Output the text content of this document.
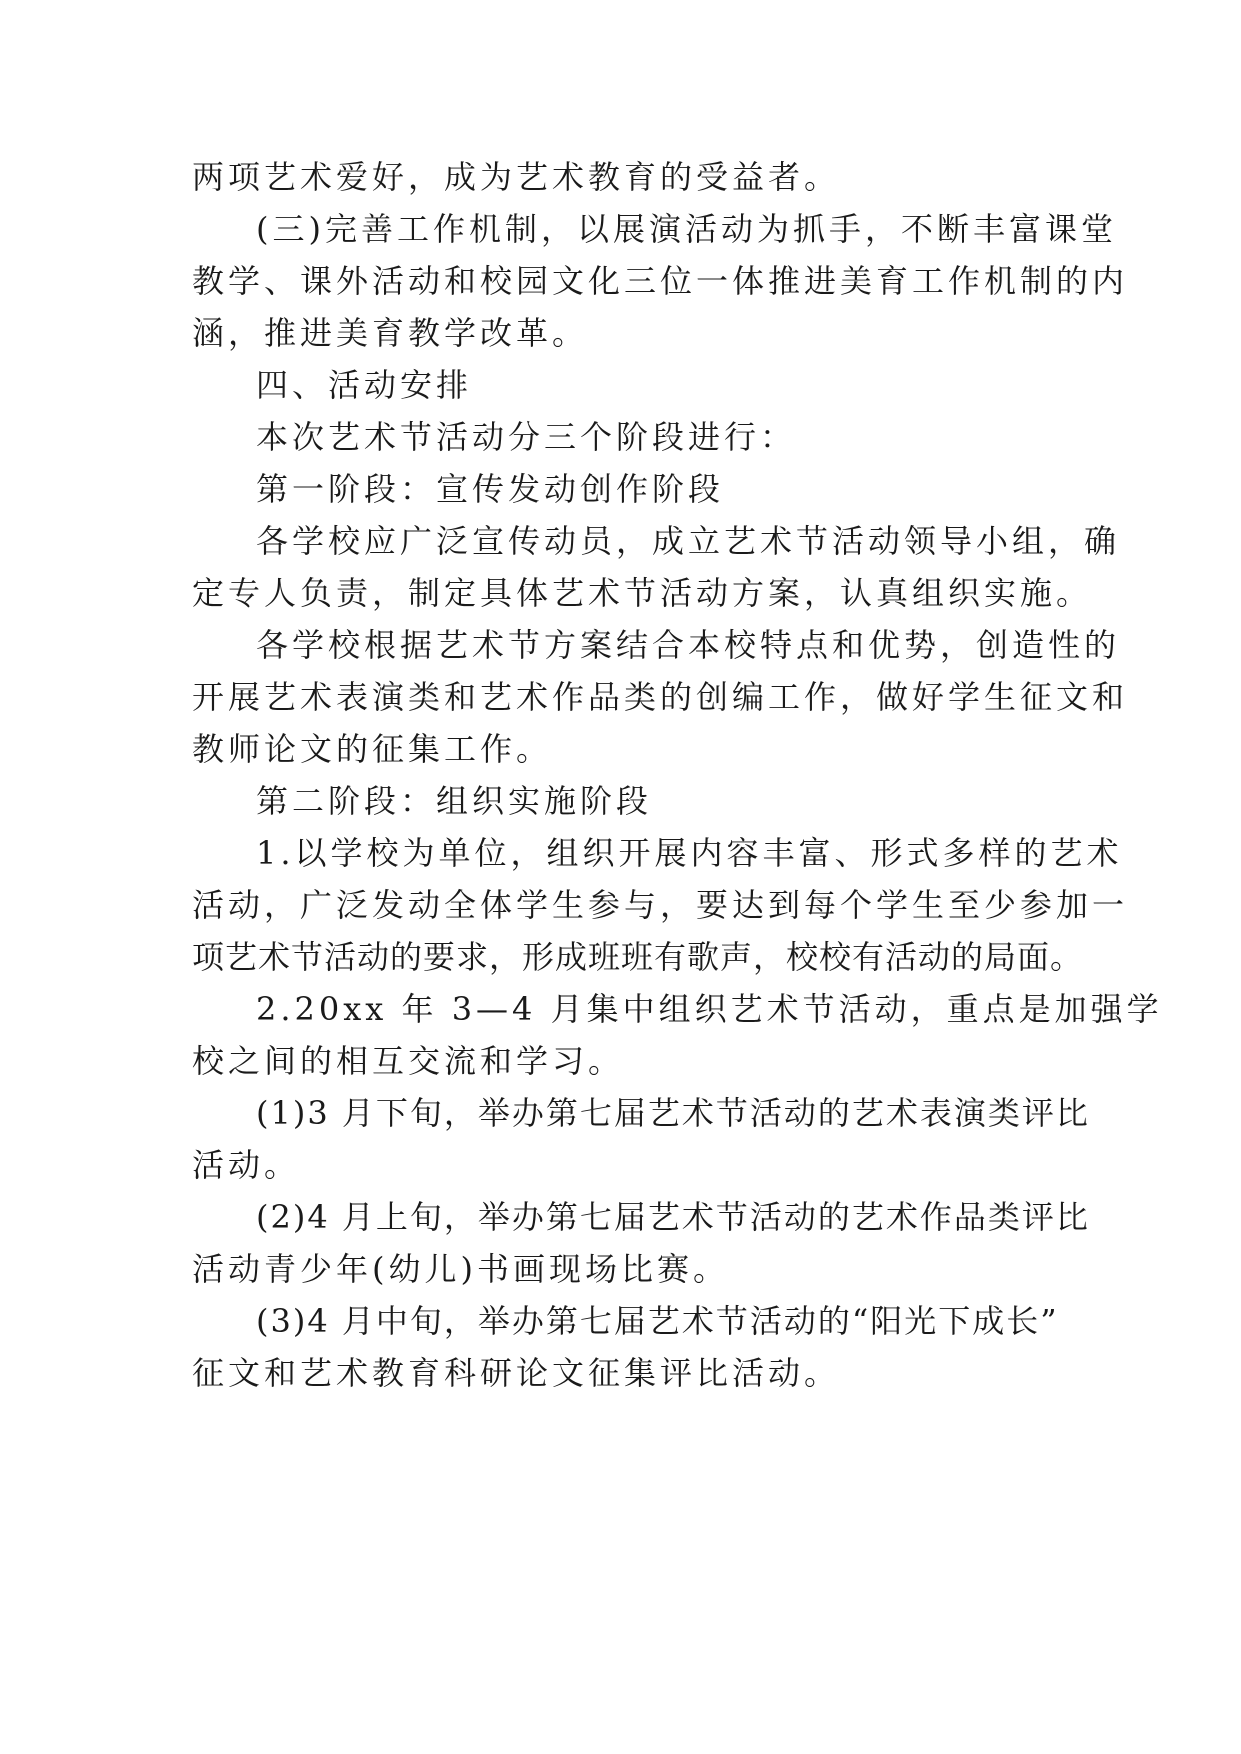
两项艺术爱好，成为艺术教育的受益者。
(三)完善工作机制，以展演活动为抓手，不断丰富课堂
教学、课外活动和校园文化三位一体推进美育工作机制的内
涵，推进美育教学改革。
四、活动安排
本次艺术节活动分三个阶段进行：
第一阶段：宣传发动创作阶段
各学校应广泛宣传动员，成立艺术节活动领导小组，确
定专人负责，制定具体艺术节活动方案，认真组织实施。
各学校根据艺术节方案结合本校特点和优势，创造性的
开展艺术表演类和艺术作品类的创编工作，做好学生征文和
教师论文的征集工作。
第二阶段：组织实施阶段
1.以学校为单位，组织开展内容丰富、形式多样的艺术
活动，广泛发动全体学生参与，要达到每个学生至少参加一
项艺术节活动的要求，形成班班有歌声，校校有活动的局面。
2.20xx 年 3—4 月集中组织艺术节活动，重点是加强学
校之间的相互交流和学习。
(1)3 月下旬，举办第七届艺术节活动的艺术表演类评比
活动。
(2)4 月上旬，举办第七届艺术节活动的艺术作品类评比
活动青少年(幼儿)书画现场比赛。
(3)4 月中旬，举办第七届艺术节活动的“阳光下成长”
征文和艺术教育科研论文征集评比活动。
